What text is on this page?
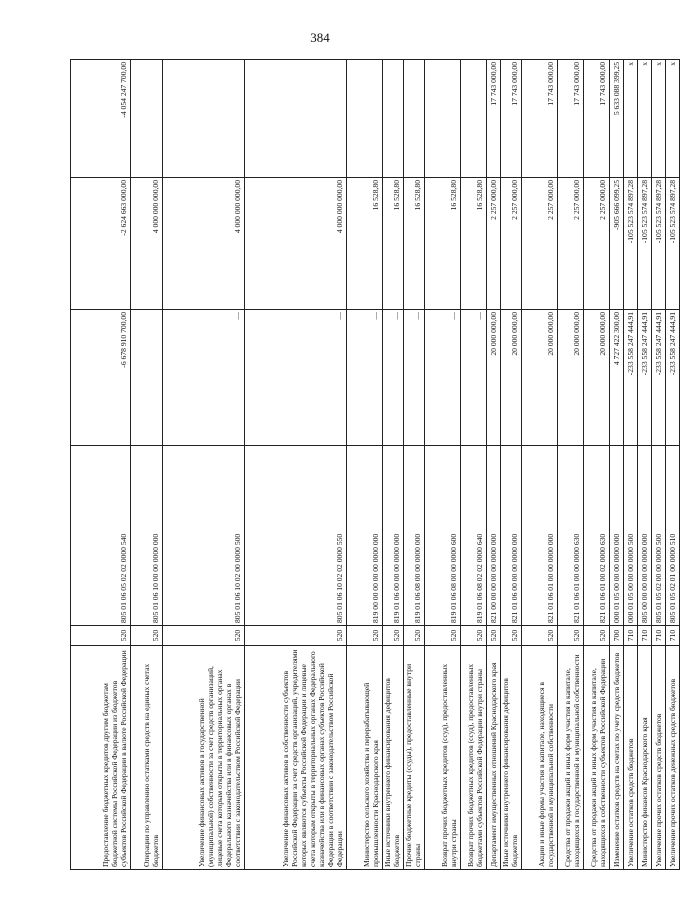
384
Предоставление бюджетных кредитов другим бюджетам бюджетной системы Российской Федерации из бюджетов субъектов Российской Федерации в валюте Российской Федерации	520	805 01 06 05 02 02 0000 540	-6 678 910 700,00	-2 624 663 000,00	-4 054 247 700,00
Операции по управлению остатками средств на единых счетах бюджетов	520	805 01 06 10 00 00 0000 000		4 000 000 000,00	
Увеличение финансовых активов в государственной (муниципальной) собственности за счет средств организаций, лицевые счета которым открыты в территориальных органах Федерального казначейства или в финансовых органах в соответствии с законодательством Российской Федерации	520	805 01 06 10 02 00 0000 500	—	4 000 000 000,00	
Увеличение финансовых активов в собственности субъектов Российской Федерации за счет средств организаций, учредителями которых являются субъекты Российской Федерации и лицевые счета которым открыты в территориальных органах Федерального казначейства или в финансовых органах субъектов Российской Федерации в соответствии с законодательством Российской Федерации	520	805 01 06 10 02 02 0000 550	—	4 000 000 000,00	
Министерство сельского хозяйства и перерабатывающей промышленности Краснодарского края	520	819 00 00 00 00 00 0000 000	—	16 528,80	
Иные источники внутреннего финансирования дефицитов бюджетов	520	819 01 06 00 00 00 0000 000	—	16 528,80	
Прочие бюджетные кредиты (ссуды), предоставленные внутри страны	520	819 01 06 08 00 00 0000 000	—	16 528,80	
Возврат прочих бюджетных кредитов (ссуд), предоставленных внутри страны	520	819 01 06 08 00 00 0000 600	—	16 528,80	
Возврат прочих бюджетных кредитов (ссуд), предоставленных бюджетами субъектов Российской Федерации внутри страны	520	819 01 06 08 02 02 0000 640	—	16 528,80	
Департамент имущественных отношений Краснодарского края	520	821 00 00 00 00 00 0000 000	20 000 000,00	2 257 000,00	17 743 000,00
Иные источники внутреннего финансирования дефицитов бюджетов	520	821 01 06 00 00 00 0000 000	20 000 000,00	2 257 000,00	17 743 000,00
Акции и иные формы участия в капитале, находящиеся в государственной и муниципальной собственности	520	821 01 06 01 00 00 0000 000	20 000 000,00	2 257 000,00	17 743 000,00
Средства от продажи акций и иных форм участия в капитале, находящихся в государственной и муниципальной собственности	520	821 01 06 01 00 00 0000 630	20 000 000,00	2 257 000,00	17 743 000,00
Средства от продажи акций и иных форм участия в капитале, находящихся в собственности субъектов Российской Федерации	520	821 01 06 01 00 02 0000 630	20 000 000,00	2 257 000,00	17 743 000,00
Изменение остатков средств на счетах по учету средств бюджетов	700	000 01 05 00 00 00 0000 000	4 727 422 300,00	-905 666 099,25	5 633 088 399,25
Увеличение остатков средств бюджетов	710	000 01 05 00 00 00 0000 500	-233 558 247 444,91	-105 523 574 897,28	x
Министерство финансов Краснодарского края	710	805 00 00 00 00 00 0000 000	-233 558 247 444,91	-105 523 574 897,28	x
Увеличение прочих остатков средств бюджетов	710	805 01 05 02 00 00 0000 500	-233 558 247 444,91	-105 523 574 897,28	x
Увеличение прочих остатков денежных средств бюджетов	710	805 01 05 02 01 00 0000 510	-233 558 247 444,91	-105 523 574 897,28	x
